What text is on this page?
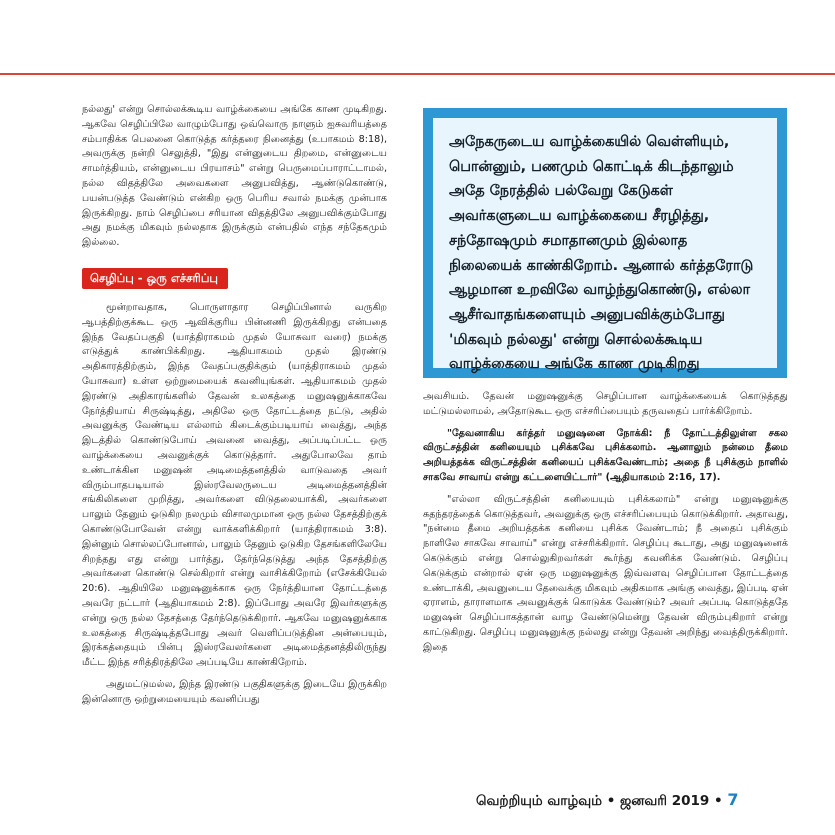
நல்லது' என்று சொல்லக்கூடிய வாழ்க்கையை அங்கே காண முடிகிறது. ஆகவே செழிப்பிலே வாழும்போது ஒவ்வொரு நாளும் ஐசுவரியத்தை சம்பாதிக்க பெலனை கொடுத்த கர்த்தரை நினைத்து (உபாகமம் 8:18), அவருக்கு நன்றி செலுத்தி, "இது என்னுடைய திறமை, என்னுடைய சாமர்த்தியம், என்னுடைய பிரயாசம்" என்று பெருமைப்பாராட்டாமல், நல்ல விதத்திலே அவைகளை அனுபவித்து, ஆண்டுகொண்டு, பயன்படுத்த வேண்டும் என்கிற ஒரு பெரிய சவால் நமக்கு முன்பாக இருக்கிறது. நாம் செழிப்பை சரியான விதத்திலே அனுபவிக்கும்போது அது நமக்கு மிகவும் நல்லதாக இருக்கும் என்பதில் எந்த சந்தேகமும் இல்லை.

செழிப்பு - ஒரு எச்சரிப்பு

மூன்றாவதாக, பொருளாதார செழிப்பினால் வருகிற ஆபத்திற்குக்கூட ஒரு ஆவிக்குரிய பின்னணி இருக்கிறது என்பதை இந்த வேதப்பகுதி (யாத்திராகமம் முதல் யோசுவா வரை) நமக்கு எடுத்துக் காண்பிக்கிறது. ஆதியாகமம் முதல் இரண்டு அதிகாரத்திற்கும், இந்த வேதப்பகுதிக்கும் (யாத்திராகமம் முதல் யோசுவா) உள்ள ஒற்றுமையைக் கவனியுங்கள். ஆதியாகமம் முதல் இரண்டு அதிகாரங்களில் தேவன் உலகத்தை மனுஷனுக்காகவே நேர்த்தியாய் சிருஷ்டித்து, அதிலே ஒரு தோட்டத்தை நட்டு, அதில் அவனுக்கு வேண்டிய எல்லாம் கிடைக்கும்படியாய் வைத்து, அந்த இடத்தில் கொண்டுபோய் அவனை வைத்து, அப்படிப்பட்ட ஒரு வாழ்க்கையை அவனுக்குக் கொடுத்தார். அதுபோலவே தாம் உண்டாக்கின மனுஷன் அடிமைத்தனத்தில் வாடுவதை அவர் விரும்பாதபடியால் இஸ்ரவேலருடைய அடிமைத்தனத்தின் சங்கிலிகளை முறித்து, அவர்களை விடுதலையாக்கி, அவர்களை பாலும் தேனும் ஓடுகிற நலமும் விசாலமுமான ஒரு நல்ல தேசத்திற்குக் கொண்டுபோவேன் என்று வாக்களிக்கிறார் (யாத்திராகமம் 3:8). இன்னும் சொல்லப்போனால், பாலும் தேனும் ஓடுகிற தேசங்களிலேயே சிறந்தது எது என்று பார்த்து, தேர்ந்தெடுத்து அந்த தேசத்திற்கு அவர்களை கொண்டு செல்கிறார் என்று வாசிக்கிறோம் (எசேக்கியேல் 20:6). ஆதியிலே மனுஷனுக்காக ஒரு நேர்த்தியான தோட்டத்தை அவரே நட்டார் (ஆதியாகமம் 2:8). இப்போது அவரே இவர்களுக்கு என்று ஒரு நல்ல தேசத்தை தேர்ந்தெடுக்கிறார். ஆகவே மனுஷனுக்காக உலகத்தை சிருஷ்டித்தபோது அவர் வெளிப்படுத்தின அன்பையும், இரக்கத்தையும் பின்பு இஸ்ரவேலர்களை அடிமைத்தனத்திலிருந்து மீட்ட இந்த சரித்திரத்திலே அப்படியே காண்கிறோம்.

அதுமட்டுமல்ல, இந்த இரண்டு பகுதிகளுக்கு இடையே இருக்கிற இன்னொரு ஒற்றுமையையும் கவனிப்பது

அநேகருடைய வாழ்க்கையில் வெள்ளியும், பொன்னும், பணமும் கொட்டிக் கிடந்தாலும் அதே நேரத்தில் பல்வேறு கேடுகள் அவர்களுடைய வாழ்க்கையை சீரழித்து, சந்தோஷமும் சமாதானமும் இல்லாத நிலையைக் காண்கிறோம். ஆனால் கர்த்தரோடு ஆழமான உறவிலே வாழ்ந்துகொண்டு, எல்லா ஆசீர்வாதங்களையும் அனுபவிக்கும்போது 'மிகவும் நல்லது' என்று சொல்லக்கூடிய வாழ்க்கையை அங்கே காண முடிகிறது

அவசியம். தேவன் மனுஷனுக்கு செழிப்பான வாழ்க்கையைக் கொடுத்தது மட்டுமல்லாமல், அதோடுகூட ஒரு எச்சரிப்பையும் தருவதைப் பார்க்கிறோம்.

"தேவனாகிய கர்த்தர் மனுஷனை நோக்கி: நீ தோட்டத்திலுள்ள சகல விருட்சத்தின் கனியையும் புசிக்கவே புசிக்கலாம். ஆனாலும் நன்மை தீமை அறியத்தக்க விருட்சத்தின் கனியைப் புசிக்கவேண்டாம்; அதை நீ புசிக்கும் நாளில் சாகவே சாவாய் என்று கட்டளையிட்டார்" (ஆதியாகமம் 2:16, 17).

"எல்லா விருட்சத்தின் கனியையும் புசிக்கலாம்" என்று மனுஷனுக்கு சுதந்தரத்தைக் கொடுத்தவர், அவனுக்கு ஒரு எச்சரிப்பையும் கொடுக்கிறார். அதாவது, "நன்மை தீமை அறியத்தக்க கனியை புசிக்க வேண்டாம்; நீ அதைப் புசிக்கும் நாளிலே சாகவே சாவாய்" என்று எச்சரிக்கிறார். செழிப்பு கூடாது, அது மனுஷனைக் கெடுக்கும் என்று சொல்லுகிறவர்கள் கூர்ந்து கவனிக்க வேண்டும். செழிப்பு கெடுக்கும் என்றால் ஏன் ஒரு மனுஷனுக்கு இவ்வளவு செழிப்பான தோட்டத்தை உண்டாக்கி, அவனுடைய தேவைக்கு மிகவும் அதிகமாக அங்கு வைத்து, இப்படி ஏன் ஏராளம், தாராளமாக அவனுக்குக் கொடுக்க வேண்டும்? அவர் அப்படி கொடுத்ததே மனுஷன் செழிப்பாகத்தான் வாழ வேண்டுமென்று தேவன் விரும்புகிறார் என்று காட்டுகிறது. செழிப்பு மனுஷனுக்கு நல்லது என்று தேவன் அறிந்து வைத்திருக்கிறார். இதை

வெற்றியும் வாழ்வும் • ஜனவரி 2019 • 7
